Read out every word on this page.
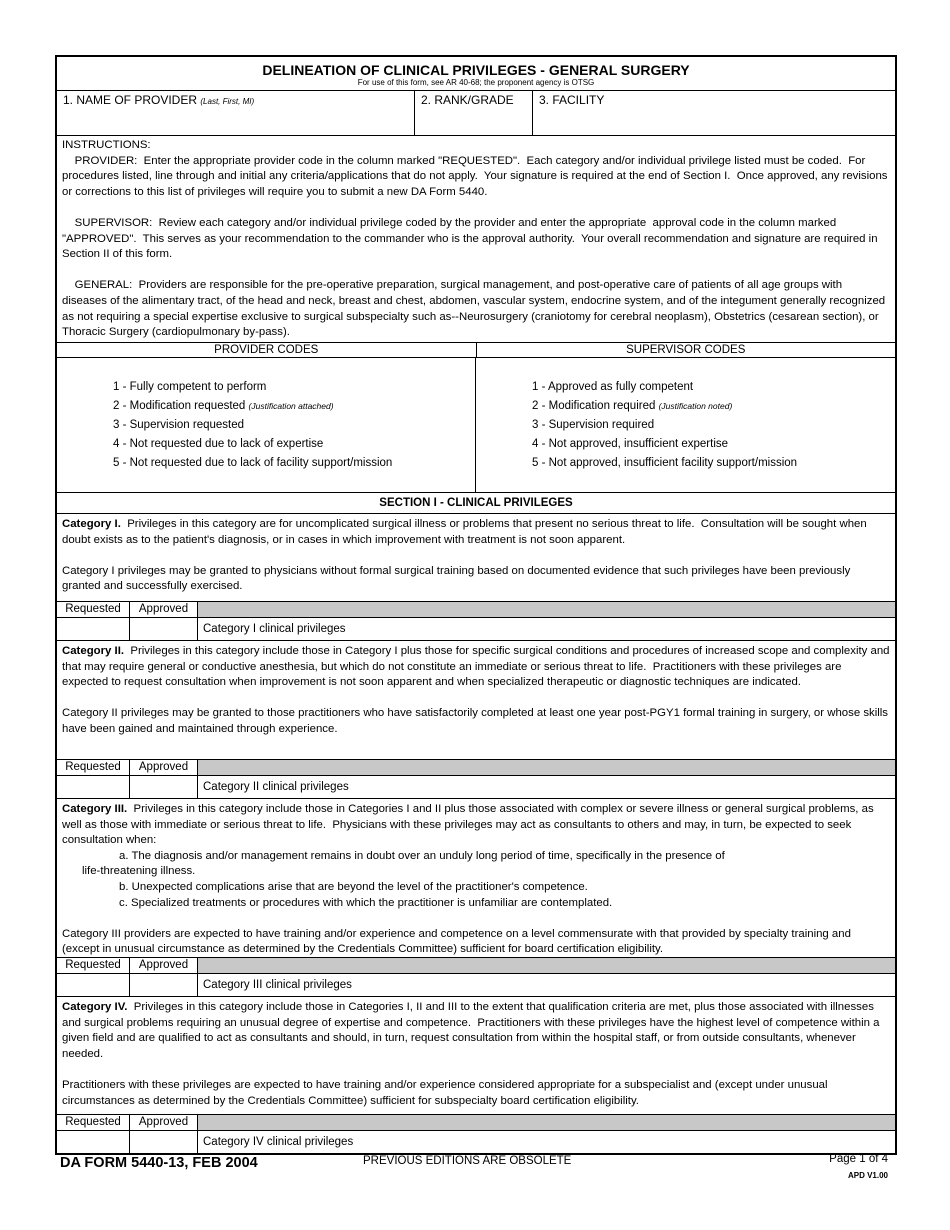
DELINEATION OF CLINICAL PRIVILEGES - GENERAL SURGERY
For use of this form, see AR 40-68; the proponent agency is OTSG
1. NAME OF PROVIDER (Last, First, MI)	2. RANK/GRADE	3. FACILITY

INSTRUCTIONS:

PROVIDER:  Enter the appropriate provider code in the column marked "REQUESTED".  Each category and/or individual privilege listed must be coded.  For procedures listed, line through and initial any criteria/applications that do not apply.  Your signature is required at the end of Section I.  Once approved, any revisions or corrections to this list of privileges will require you to submit a new DA Form 5440.

SUPERVISOR:  Review each category and/or individual privilege coded by the provider and enter the appropriate  approval code in the column marked "APPROVED".  This serves as your recommendation to the commander who is the approval authority.  Your overall recommendation and signature are required in Section II of this form.

GENERAL:  Providers are responsible for the pre-operative preparation, surgical management, and post-operative care of patients of all age groups with diseases of the alimentary tract, of the head and neck, breast and chest, abdomen, vascular system, endocrine system, and of the integument generally recognized as not requiring a special expertise exclusive to surgical subspecialty such as--Neurosurgery (craniotomy for cerebral neoplasm), Obstetrics (cesarean section), or Thoracic Surgery (cardiopulmonary by-pass).

PROVIDER CODES	SUPERVISOR CODES
1 - Fully competent to perform
2 - Modification requested (Justification attached)
3 - Supervision requested
4 - Not requested due to lack of expertise
5 - Not requested due to lack of facility support/mission
1 - Approved as fully competent
2 - Modification required (Justification noted)
3 - Supervision required
4 - Not approved, insufficient expertise
5 - Not approved, insufficient facility support/mission
SECTION I - CLINICAL PRIVILEGES

Category I.  Privileges in this category are for uncomplicated surgical illness or problems that present no serious threat to life.  Consultation will be sought when doubt exists as to the patient's diagnosis, or in cases in which improvement with treatment is not soon apparent.

Category I privileges may be granted to physicians without formal surgical training based on documented evidence that such privileges have been previously granted and successfully exercised.

Requested	Approved
Category I clinical privileges

Category II.  Privileges in this category include those in Category I plus those for specific surgical conditions and procedures of increased scope and complexity and that may require general or conductive anesthesia, but which do not constitute an immediate or serious threat to life.  Practitioners with these privileges are expected to request consultation when improvement is not soon apparent and when specialized therapeutic or diagnostic techniques are indicated.

Category II privileges may be granted to those practitioners who have satisfactorily completed at least one year post-PGY1 formal training in surgery, or whose skills have been gained and maintained through experience.

Requested	Approved
Category II clinical privileges

Category III.  Privileges in this category include those in Categories I and II plus those associated with complex or severe illness or general surgical problems, as well as those with immediate or serious threat to life.  Physicians with these privileges may act as consultants to others and may, in turn, be expected to seek consultation when:

a. The diagnosis and/or management remains in doubt over an unduly long period of time, specifically in the presence of

life-threatening illness.

b. Unexpected complications arise that are beyond the level of the practitioner's competence.

c. Specialized treatments or procedures with which the practitioner is unfamiliar are contemplated.

Category III providers are expected to have training and/or experience and competence on a level commensurate with that provided by specialty training and (except in unusual circumstance as determined by the Credentials Committee) sufficient for board certification eligibility.

Requested	Approved
Category III clinical privileges

Category IV.  Privileges in this category include those in Categories I, II and III to the extent that qualification criteria are met, plus those associated with illnesses and surgical problems requiring an unusual degree of expertise and competence.  Practitioners with these privileges have the highest level of competence within a given field and are qualified to act as consultants and should, in turn, request consultation from within the hospital staff, or from outside consultants, whenever needed.

Practitioners with these privileges are expected to have training and/or experience considered appropriate for a subspecialist and (except under unusual circumstances as determined by the Credentials Committee) sufficient for subspecialty board certification eligibility.

Requested	Approved
Category IV clinical privileges
DA FORM 5440-13, FEB 2004	PREVIOUS EDITIONS ARE OBSOLETE	Page 1 of 4
APD V1.00
